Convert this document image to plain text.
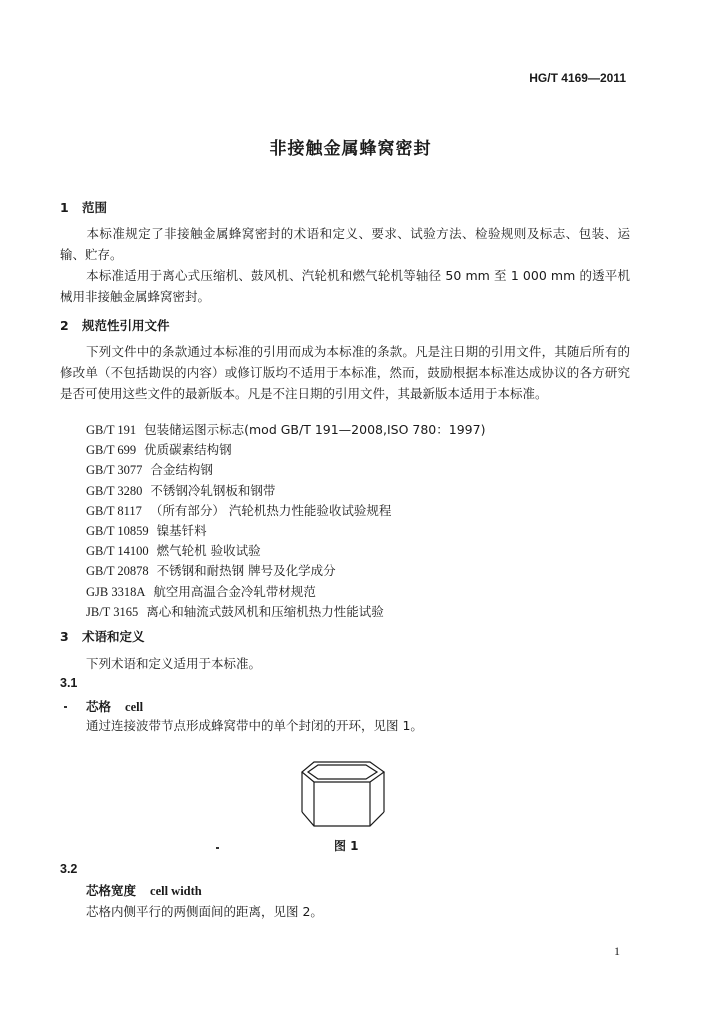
HG/T 4169—2011
非接触金属蜂窝密封
1 范围
本标准规定了非接触金属蜂窝密封的术语和定义、要求、试验方法、检验规则及标志、包装、运输、贮存。
本标准适用于离心式压缩机、鼓风机、汽轮机和燃气轮机等轴径 50 mm 至 1 000 mm 的透平机械用非接触金属蜂窝密封。
2 规范性引用文件
下列文件中的条款通过本标准的引用而成为本标准的条款。凡是注日期的引用文件，其随后所有的修改单（不包括勘误的内容）或修订版均不适用于本标准，然而，鼓励根据本标准达成协议的各方研究是否可使用这些文件的最新版本。凡是不注日期的引用文件，其最新版本适用于本标准。
GB/T 191 包装储运图示标志(mod GB/T 191—2008,ISO 780：1997)
GB/T 699 优质碳素结构钢
GB/T 3077 合金结构钢
GB/T 3280 不锈钢冷轧钢板和钢带
GB/T 8117 （所有部分） 汽轮机热力性能验收试验规程
GB/T 10859 镍基钎料
GB/T 14100 燃气轮机 验收试验
GB/T 20878 不锈钢和耐热钢 牌号及化学成分
GJB 3318A 航空用高温合金冷轧带材规范
JB/T 3165 离心和轴流式鼓风机和压缩机热力性能试验
3 术语和定义
下列术语和定义适用于本标准。
3.1
芯格 cell
通过连接波带节点形成蜂窝带中的单个封闭的开环，见图 1。
图 1
3.2
芯格宽度 cell width
芯格内侧平行的两侧面间的距离，见图 2。
1
